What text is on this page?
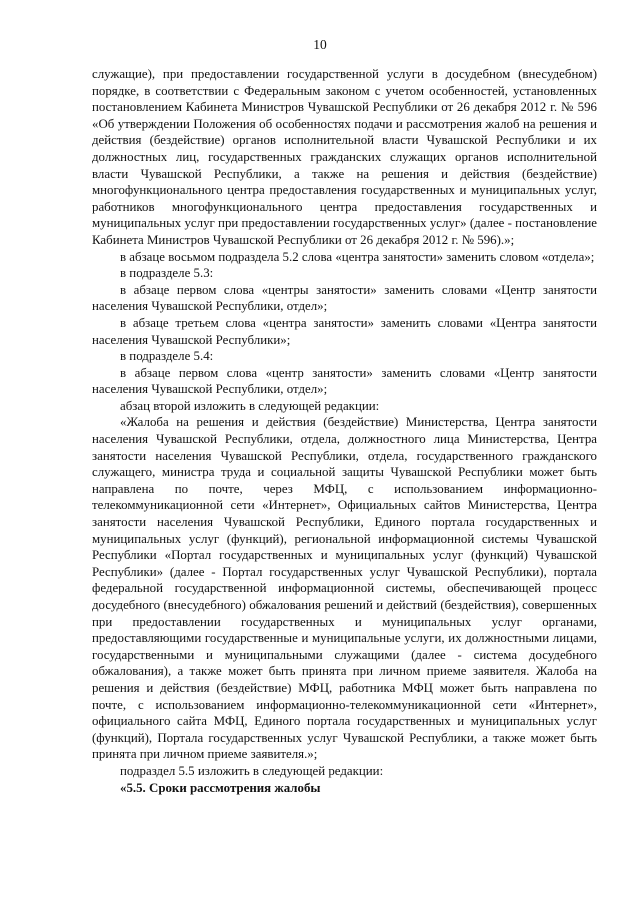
10

служащие), при предоставлении государственной услуги в досудебном (внесудебном) порядке, в соответствии с Федеральным законом с учетом особенностей, установленных постановлением Кабинета Министров Чувашской Республики от 26 декабря 2012 г. № 596 «Об утверждении Положения об особенностях подачи и рассмотрения жалоб на решения и действия (бездействие) органов исполнительной власти Чувашской Республики и их должностных лиц, государственных гражданских служащих органов исполнительной власти Чувашской Республики, а также на решения и действия (бездействие) многофункционального центра предоставления государственных и муниципальных услуг, работников многофункционального центра предоставления государственных и муниципальных услуг при предоставлении государственных услуг» (далее - постановление Кабинета Министров Чувашской Республики от 26 декабря 2012 г. № 596).»;

в абзаце восьмом подраздела 5.2 слова «центра занятости» заменить словом «отдела»;

в подразделе 5.3:

в абзаце первом слова «центры занятости» заменить словами «Центр занятости населения Чувашской Республики, отдел»;

в абзаце третьем слова «центра занятости» заменить словами «Центра занятости населения Чувашской Республики»;

в подразделе 5.4:

в абзаце первом слова «центр занятости» заменить словами «Центр занятости населения Чувашской Республики, отдел»;

абзац второй изложить в следующей редакции:

«Жалоба на решения и действия (бездействие) Министерства, Центра занятости населения Чувашской Республики, отдела, должностного лица Министерства, Центра занятости населения Чувашской Республики, отдела, государственного гражданского служащего, министра труда и социальной защиты Чувашской Республики может быть направлена по почте, через МФЦ, с использованием информационно-телекоммуникационной сети «Интернет», Официальных сайтов Министерства, Центра занятости населения Чувашской Республики, Единого портала государственных и муниципальных услуг (функций), региональной информационной системы Чувашской Республики «Портал государственных и муниципальных услуг (функций) Чувашской Республики» (далее - Портал государственных услуг Чувашской Республики), портала федеральной государственной информационной системы, обеспечивающей процесс досудебного (внесудебного) обжалования решений и действий (бездействия), совершенных при предоставлении государственных и муниципальных услуг органами, предоставляющими государственные и муниципальные услуги, их должностными лицами, государственными и муниципальными служащими (далее - система досудебного обжалования), а также может быть принята при личном приеме заявителя. Жалоба на решения и действия (бездействие) МФЦ, работника МФЦ может быть направлена по почте, с использованием информационно-телекоммуникационной сети «Интернет», официального сайта МФЦ, Единого портала государственных и муниципальных услуг (функций), Портала государственных услуг Чувашской Республики, а также может быть принята при личном приеме заявителя.»;

подраздел 5.5 изложить в следующей редакции:

«5.5. Сроки рассмотрения жалобы
